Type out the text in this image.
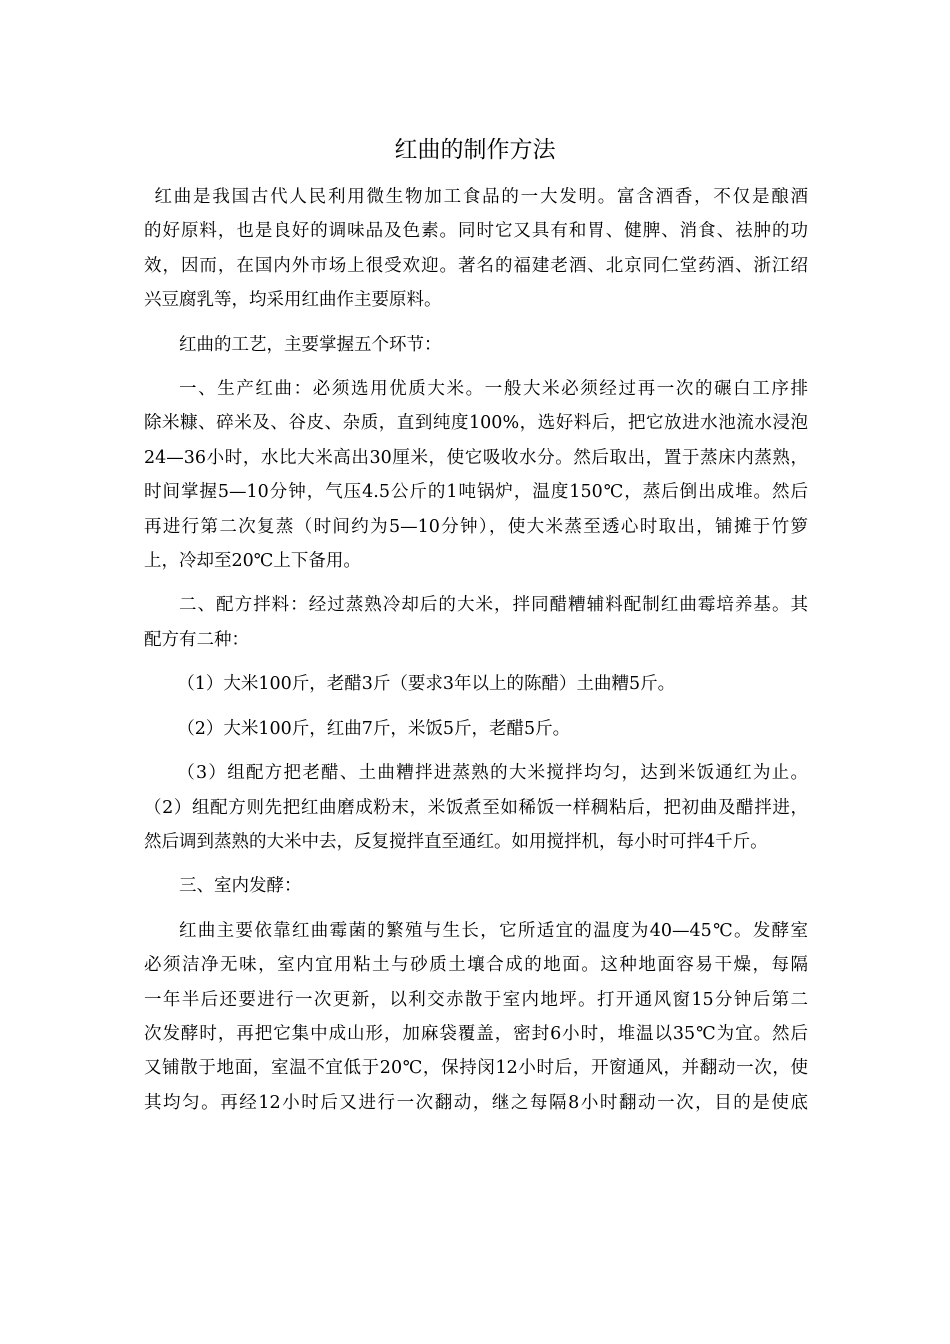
红曲的制作方法
红曲是我国古代人民利用微生物加工食品的一大发明。富含酒香，不仅是酿酒
的好原料，也是良好的调味品及色素。同时它又具有和胃、健脾、消食、祛肿的功
效，因而，在国内外市场上很受欢迎。著名的福建老酒、北京同仁堂药酒、浙江绍
兴豆腐乳等，均采用红曲作主要原料。
红曲的工艺，主要掌握五个环节：
一、生产红曲：必须选用优质大米。一般大米必须经过再一次的碾白工序排
除米糠、碎米及、谷皮、杂质，直到纯度100%，选好料后，把它放进水池流水浸泡
24—36小时，水比大米高出30厘米，使它吸收水分。然后取出，置于蒸床内蒸熟，
时间掌握5—10分钟，气压4.5公斤的1吨锅炉，温度150℃，蒸后倒出成堆。然后
再进行第二次复蒸（时间约为5—10分钟），使大米蒸至透心时取出，铺摊于竹箩
上，冷却至20℃上下备用。
二、配方拌料：经过蒸熟冷却后的大米，拌同醋糟辅料配制红曲霉培养基。其
配方有二种：
（1）大米100斤，老醋3斤（要求3年以上的陈醋）土曲糟5斤。
（2）大米100斤，红曲7斤，米饭5斤，老醋5斤。
（3）组配方把老醋、土曲糟拌进蒸熟的大米搅拌均匀，达到米饭通红为止。
（2）组配方则先把红曲磨成粉末，米饭煮至如稀饭一样稠粘后，把初曲及醋拌进，
然后调到蒸熟的大米中去，反复搅拌直至通红。如用搅拌机，每小时可拌4千斤。
三、室内发酵：
红曲主要依靠红曲霉菌的繁殖与生长，它所适宜的温度为40—45℃。发酵室
必须洁净无味，室内宜用粘土与砂质土壤合成的地面。这种地面容易干燥，每隔
一年半后还要进行一次更新，以利交赤散于室内地坪。打开通风窗15分钟后第二
次发酵时，再把它集中成山形，加麻袋覆盖，密封6小时，堆温以35℃为宜。然后
又铺散于地面，室温不宜低于20℃，保持闵12小时后，开窗通风，并翻动一次，使
其均匀。再经12小时后又进行一次翻动，继之每隔8小时翻动一次，目的是使底
